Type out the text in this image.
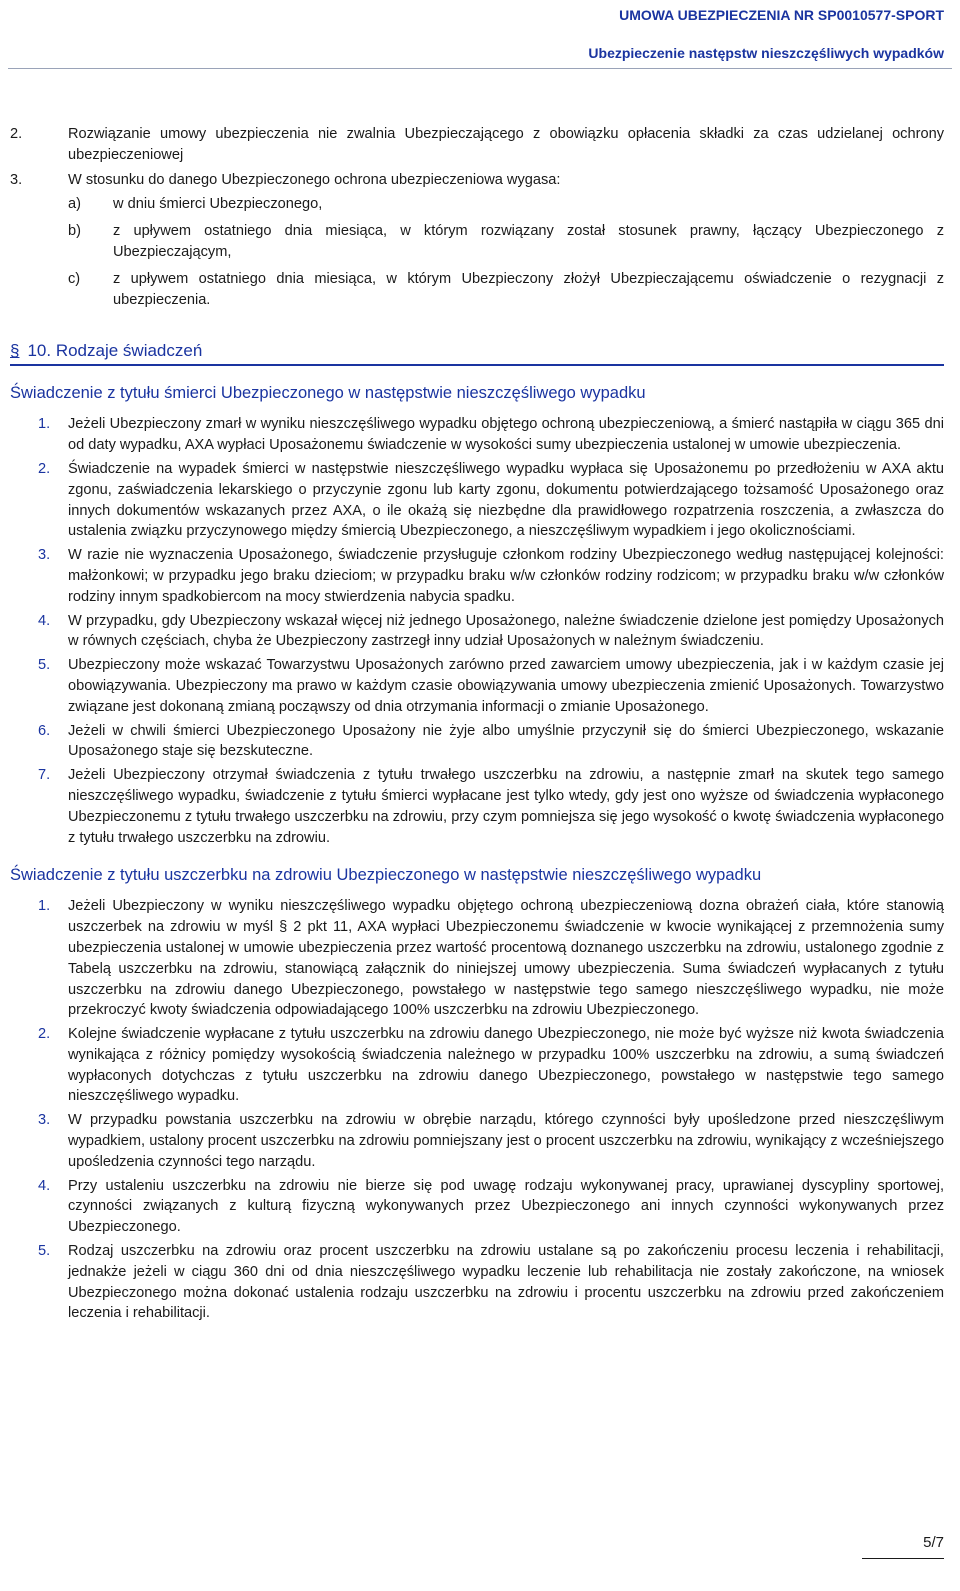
UMOWA UBEZPIECZENIA NR SP0010577-SPORT
Ubezpieczenie następstw nieszczęśliwych wypadków
2.	Rozwiązanie umowy ubezpieczenia nie zwalnia Ubezpieczającego z obowiązku opłacenia składki za czas udzielanej ochrony ubezpieczeniowej
3.	W stosunku do danego Ubezpieczonego ochrona ubezpieczeniowa wygasa:
a)	w dniu śmierci Ubezpieczonego,
b)	z upływem ostatniego dnia miesiąca, w którym rozwiązany został stosunek prawny, łączący Ubezpieczonego z Ubezpieczającym,
c)	z upływem ostatniego dnia miesiąca, w którym Ubezpieczony złożył Ubezpieczającemu oświadczenie o rezygnacji z ubezpieczenia.
§ 10. Rodzaje świadczeń
Świadczenie z tytułu śmierci Ubezpieczonego w następstwie nieszczęśliwego wypadku
1.	Jeżeli Ubezpieczony zmarł w wyniku nieszczęśliwego wypadku objętego ochroną ubezpieczeniową, a śmierć nastąpiła w ciągu 365 dni od daty wypadku, AXA wypłaci Uposażonemu świadczenie w wysokości sumy ubezpieczenia ustalonej w umowie ubezpieczenia.
2.	Świadczenie na wypadek śmierci w następstwie nieszczęśliwego wypadku wypłaca się Uposażonemu po przedłożeniu w AXA aktu zgonu, zaświadczenia lekarskiego o przyczynie zgonu lub karty zgonu, dokumentu potwierdzającego tożsamość Uposażonego oraz innych dokumentów wskazanych przez AXA, o ile okażą się niezbędne dla prawidłowego rozpatrzenia roszczenia, a zwłaszcza do ustalenia związku przyczynowego między śmiercią Ubezpieczonego, a nieszczęśliwym wypadkiem i jego okolicznościami.
3.	W razie nie wyznaczenia Uposażonego, świadczenie przysługuje członkom rodziny Ubezpieczonego według następującej kolejności: małżonkowi; w przypadku jego braku dzieciom; w przypadku braku w/w członków rodziny rodzicom; w przypadku braku w/w członków rodziny innym spadkobiercom na mocy stwierdzenia nabycia spadku.
4.	W przypadku, gdy Ubezpieczony wskazał więcej niż jednego Uposażonego, należne świadczenie dzielone jest pomiędzy Uposażonych w równych częściach, chyba że Ubezpieczony zastrzegł inny udział Uposażonych w należnym świadczeniu.
5.	Ubezpieczony może wskazać Towarzystwu Uposażonych zarówno przed zawarciem umowy ubezpieczenia, jak i w każdym czasie jej obowiązywania. Ubezpieczony ma prawo w każdym czasie obowiązywania umowy ubezpieczenia zmienić Uposażonych. Towarzystwo związane jest dokonaną zmianą począwszy od dnia otrzymania informacji o zmianie Uposażonego.
6.	Jeżeli w chwili śmierci Ubezpieczonego Uposażony nie żyje albo umyślnie przyczynił się do śmierci Ubezpieczonego, wskazanie Uposażonego staje się bezskuteczne.
7.	Jeżeli Ubezpieczony otrzymał świadczenia z tytułu trwałego uszczerbku na zdrowiu, a następnie zmarł na skutek tego samego nieszczęśliwego wypadku, świadczenie z tytułu śmierci wypłacane jest tylko wtedy, gdy jest ono wyższe od świadczenia wypłaconego Ubezpieczonemu z tytułu trwałego uszczerbku na zdrowiu, przy czym pomniejsza się jego wysokość o kwotę świadczenia wypłaconego z tytułu trwałego uszczerbku na zdrowiu.
Świadczenie z tytułu uszczerbku na zdrowiu Ubezpieczonego w następstwie nieszczęśliwego wypadku
1.	Jeżeli Ubezpieczony w wyniku nieszczęśliwego wypadku objętego ochroną ubezpieczeniową dozna obrażeń ciała, które stanowią uszczerbek na zdrowiu w myśl § 2 pkt 11, AXA wypłaci Ubezpieczonemu świadczenie w kwocie wynikającej z przemnożenia sumy ubezpieczenia ustalonej w umowie ubezpieczenia przez wartość procentową doznanego uszczerbku na zdrowiu, ustalonego zgodnie z Tabelą uszczerbku na zdrowiu, stanowiącą załącznik do niniejszej umowy ubezpieczenia. Suma świadczeń wypłacanych z tytułu uszczerbku na zdrowiu danego Ubezpieczonego, powstałego w następstwie tego samego nieszczęśliwego wypadku, nie może przekroczyć kwoty świadczenia odpowiadającego 100% uszczerbku na zdrowiu Ubezpieczonego.
2.	Kolejne świadczenie wypłacane z tytułu uszczerbku na zdrowiu danego Ubezpieczonego, nie może być wyższe niż kwota świadczenia wynikająca z różnicy pomiędzy wysokością świadczenia należnego w przypadku 100% uszczerbku na zdrowiu, a sumą świadczeń wypłaconych dotychczas z tytułu uszczerbku na zdrowiu danego Ubezpieczonego, powstałego w następstwie tego samego nieszczęśliwego wypadku.
3.	W przypadku powstania uszczerbku na zdrowiu w obrębie narządu, którego czynności były upośledzone przed nieszczęśliwym wypadkiem, ustalony procent uszczerbku na zdrowiu pomniejszany jest o procent uszczerbku na zdrowiu, wynikający z wcześniejszego upośledzenia czynności tego narządu.
4.	Przy ustaleniu uszczerbku na zdrowiu nie bierze się pod uwagę rodzaju wykonywanej pracy, uprawianej dyscypliny sportowej, czynności związanych z kulturą fizyczną wykonywanych przez Ubezpieczonego ani innych czynności wykonywanych przez Ubezpieczonego.
5.	Rodzaj uszczerbku na zdrowiu oraz procent uszczerbku na zdrowiu ustalane są po zakończeniu procesu leczenia i rehabilitacji, jednakże jeżeli w ciągu 360 dni od dnia nieszczęśliwego wypadku leczenie lub rehabilitacja nie zostały zakończone, na wniosek Ubezpieczonego można dokonać ustalenia rodzaju uszczerbku na zdrowiu i procentu uszczerbku na zdrowiu przed zakończeniem leczenia i rehabilitacji.
5/7
